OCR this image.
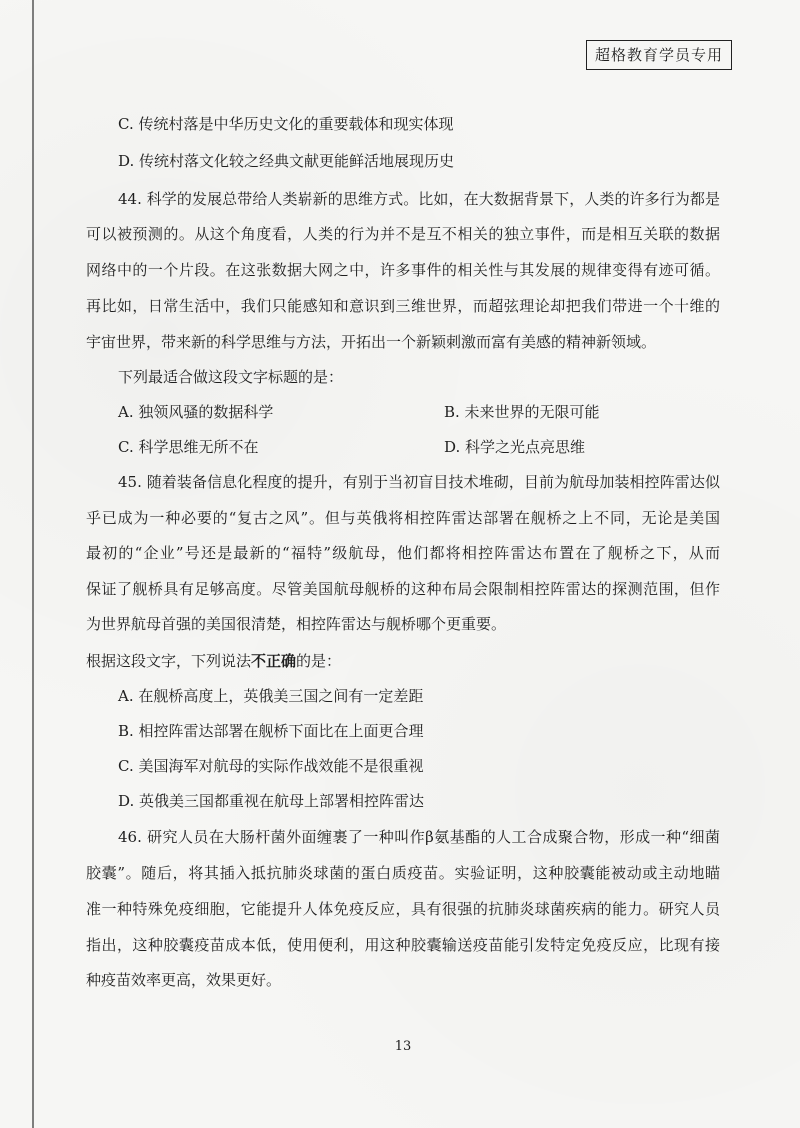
超格教育学员专用
C. 传统村落是中华历史文化的重要载体和现实体现
D. 传统村落文化较之经典文献更能鲜活地展现历史
44. 科学的发展总带给人类崭新的思维方式。比如，在大数据背景下，人类的许多行为都是
可以被预测的。从这个角度看，人类的行为并不是互不相关的独立事件，而是相互关联的数据
网络中的一个片段。在这张数据大网之中，许多事件的相关性与其发展的规律变得有迹可循。
再比如，日常生活中，我们只能感知和意识到三维世界，而超弦理论却把我们带进一个十维的
宇宙世界，带来新的科学思维与方法，开拓出一个新颖刺激而富有美感的精神新领域。
下列最适合做这段文字标题的是：
A. 独领风骚的数据科学	B. 未来世界的无限可能
C. 科学思维无所不在	D. 科学之光点亮思维
45. 随着装备信息化程度的提升，有别于当初盲目技术堆砌，目前为航母加装相控阵雷达似
乎已成为一种必要的“复古之风”。但与英俄将相控阵雷达部署在舰桥之上不同，无论是美国
最初的“企业”号还是最新的“福特”级航母，他们都将相控阵雷达布置在了舰桥之下，从而
保证了舰桥具有足够高度。尽管美国航母舰桥的这种布局会限制相控阵雷达的探测范围，但作
为世界航母首强的美国很清楚，相控阵雷达与舰桥哪个更重要。
根据这段文字，下列说法不正确的是：
A. 在舰桥高度上，英俄美三国之间有一定差距
B. 相控阵雷达部署在舰桥下面比在上面更合理
C. 美国海军对航母的实际作战效能不是很重视
D. 英俄美三国都重视在航母上部署相控阵雷达
46. 研究人员在大肠杆菌外面缠裹了一种叫作β氨基酯的人工合成聚合物，形成一种“细菌
胶囊”。随后，将其插入抵抗肺炎球菌的蛋白质疫苗。实验证明，这种胶囊能被动或主动地瞄
准一种特殊免疫细胞，它能提升人体免疫反应，具有很强的抗肺炎球菌疾病的能力。研究人员
指出，这种胶囊疫苗成本低，使用便利，用这种胶囊输送疫苗能引发特定免疫反应，比现有接
种疫苗效率更高，效果更好。
13
